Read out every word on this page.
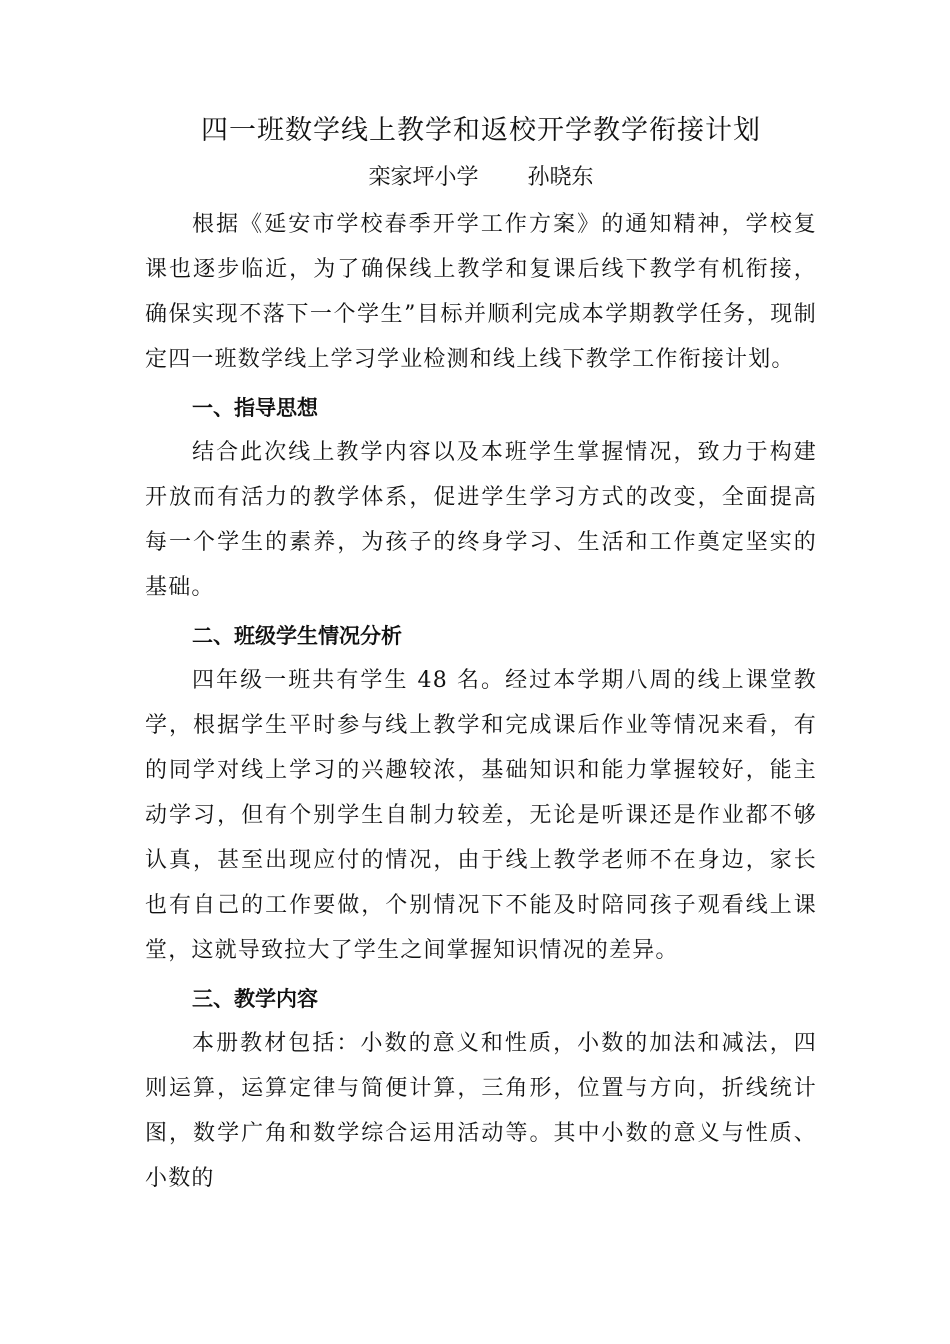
四一班数学线上教学和返校开学教学衔接计划
栾家坪小学       孙晓东

根据《延安市学校春季开学工作方案》的通知精神，学校复课也逐步临近，为了确保线上教学和复课后线下教学有机衔接，确保实现不落下一个学生”目标并顺利完成本学期教学任务，现制定四一班数学线上学习学业检测和线上线下教学工作衔接计划。

一、指导思想

结合此次线上教学内容以及本班学生掌握情况，致力于构建开放而有活力的教学体系，促进学生学习方式的改变，全面提高每一个学生的素养，为孩子的终身学习、生活和工作奠定坚实的基础。

二、班级学生情况分析

四年级一班共有学生 48 名。经过本学期八周的线上课堂教学，根据学生平时参与线上教学和完成课后作业等情况来看，有的同学对线上学习的兴趣较浓，基础知识和能力掌握较好，能主动学习，但有个别学生自制力较差，无论是听课还是作业都不够认真，甚至出现应付的情况，由于线上教学老师不在身边，家长也有自己的工作要做，个别情况下不能及时陪同孩子观看线上课堂，这就导致拉大了学生之间掌握知识情况的差异。

三、教学内容

本册教材包括：小数的意义和性质，小数的加法和减法，四则运算，运算定律与简便计算，三角形，位置与方向，折线统计图，数学广角和数学综合运用活动等。其中小数的意义与性质、小数的
